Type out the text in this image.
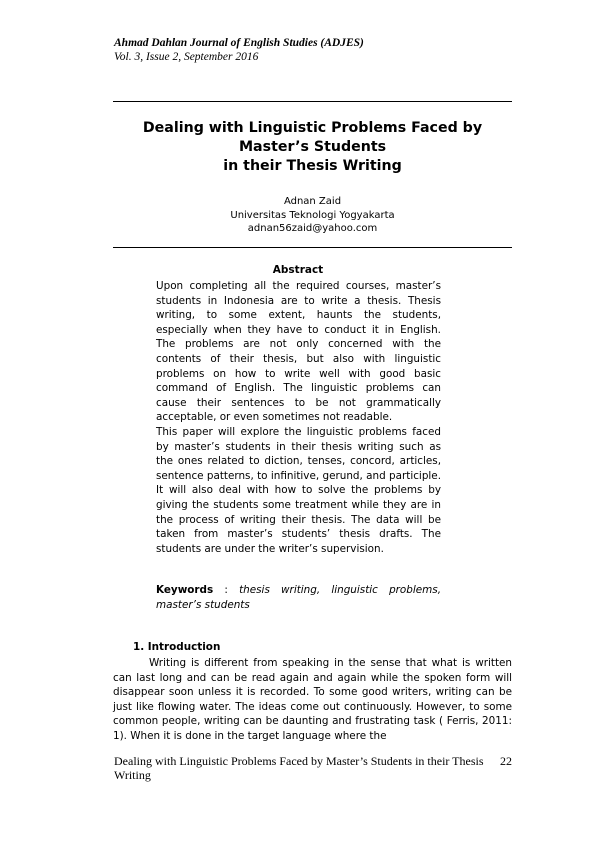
Ahmad Dahlan Journal of English Studies (ADJES)
Vol. 3, Issue 2, September 2016
Dealing with Linguistic Problems Faced by
Master’s Students
in their Thesis Writing
Adnan Zaid
Universitas Teknologi Yogyakarta
adnan56zaid@yahoo.com
Abstract

Upon completing all the required courses, master’s students in Indonesia are to write a thesis. Thesis writing, to some extent, haunts the students, especially when they have to conduct it in English. The problems are not only concerned with the contents of their thesis, but also with linguistic problems on how to write well with good basic command of English. The linguistic problems can cause their sentences to be not grammatically acceptable, or even sometimes not readable.

This paper will explore the linguistic problems faced by master’s students in their thesis writing such as the ones related to diction, tenses, concord, articles, sentence patterns, to infinitive, gerund, and participle. It will also deal with how to solve the problems by giving the students some treatment while they are in the process of writing their thesis. The data will be taken from master’s students’ thesis drafts. The students are under the writer’s supervision.

Keywords : thesis writing, linguistic problems, master’s students
1. Introduction

Writing is different from speaking in the sense that what is written can last long and can be read again and again while the spoken form will disappear soon unless it is recorded. To some good writers, writing can be just like flowing water. The ideas come out continuously. However, to some common people, writing can be daunting and frustrating task ( Ferris, 2011: 1). When it is done in the target language where the

Dealing with Linguistic Problems Faced by Master’s Students in their Thesis Writing
22
